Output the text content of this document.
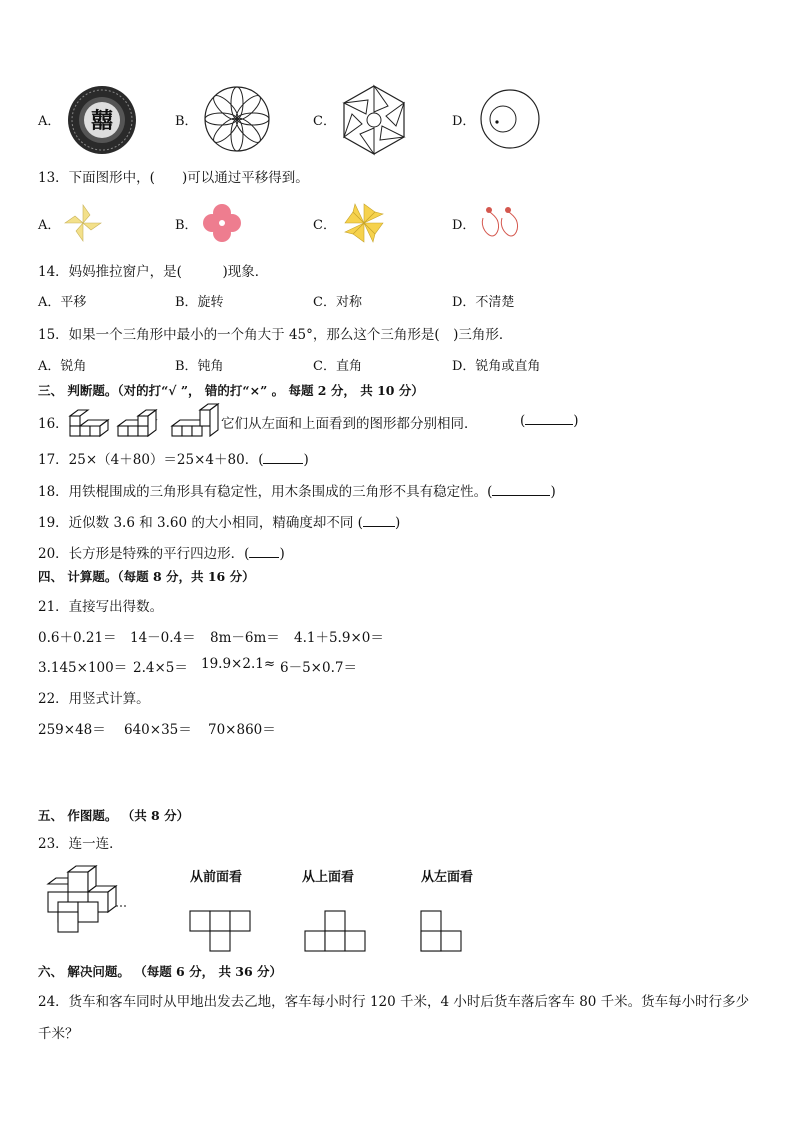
A． 囍	B．	C．	D．
13．下面图形中，(　　)可以通过平移得到。
A．	B．	C．	D．
14．妈妈推拉窗户，是(　　　)现象．
A．平移	B．旋转	C．对称	D．不清楚
15．如果一个三角形中最小的一个角大于 45°，那么这个三角形是(　)三角形．
A．锐角	B．钝角	C．直角	D．锐角或直角
三、 判断题。（对的打“√ ”， 错的打“×” 。 每题 2 分， 共 10 分）
16．	它们从左面和上面看到的图形都分别相同．	(	)
17．25×（4＋80）＝25×4＋80．(	)
18．用铁棍围成的三角形具有稳定性，用木条围成的三角形不具有稳定性。(	)
19．近似数 3.6 和 3.60 的大小相同，精确度却不同 ( )
20．长方形是特殊的平行四边形．( )
四、 计算题。（每题 8 分，共 16 分）
21．直接写出得数。
0.6＋0.21＝ 14－0.4＝ 8m－6m＝ 4.1＋5.9×0＝
3.145×100＝ 2.4×5＝ 19.9×2.1≈ 6－5×0.7＝
22．用竖式计算。
259×48＝ 640×35＝ 70×860＝
五、 作图题。 （共 8 分）
23．连一连．
从前面看	从上面看	从左面看
六、 解决问题。 （每题 6 分， 共 36 分）
24．货车和客车同时从甲地出发去乙地，客车每小时行 120 千米，4 小时后货车落后客车 80 千米。货车每小时行多少
千米？
